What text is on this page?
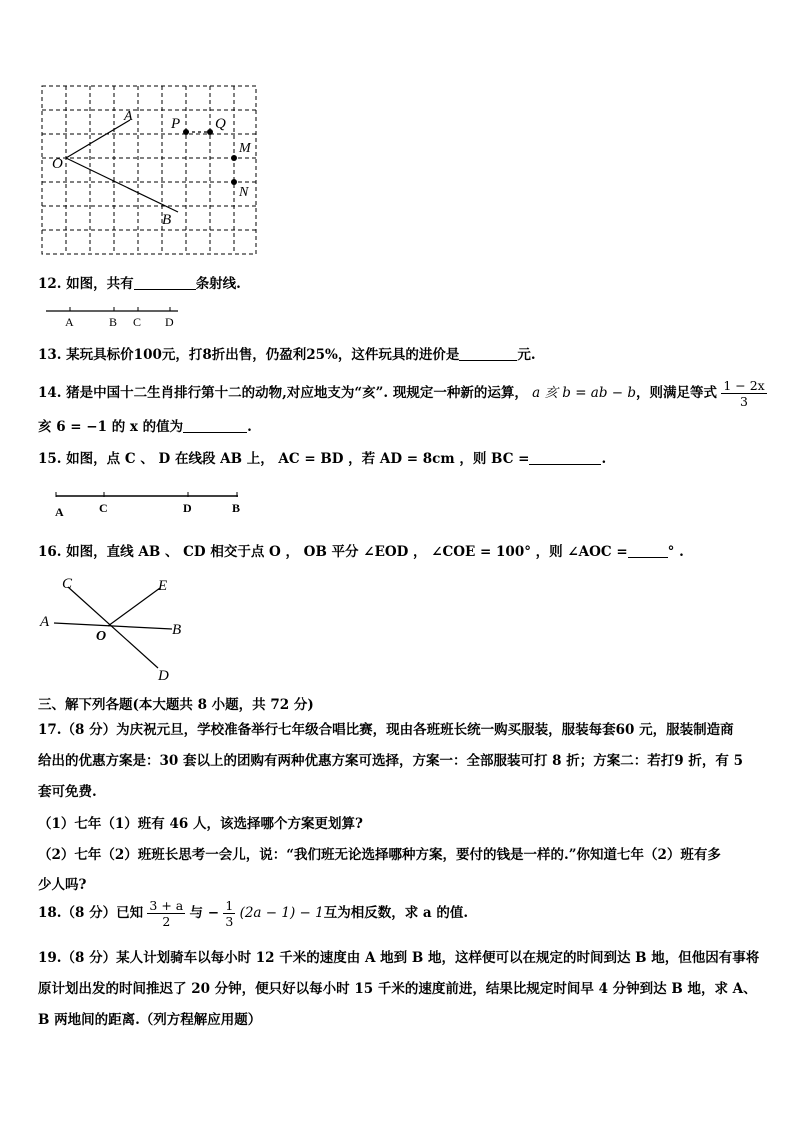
A
O
B
P Q
M
N
12. 如图，共有	条射线.
A	B C D
13. 某玩具标价100元，打8折出售，仍盈利25%，这件玩具的进价是	元.
14. 猪是中国十二生肖排行第十二的动物,对应地支为“亥”. 现规定一种新的运算， a 亥 b = ab − b，则满足等式 $\frac{1 - 2x}{3}$
亥 6 = −1 的 x 的值为	.
15. 如图，点 C 、 D 在线段 AB 上， AC = BD ，若 AD = 8cm ，则 BC =	.
A	C	D	B
16. 如图，直线 AB 、 CD 相交于点 O ， OB 平分 ∠EOD ， ∠COE = 100° ，则 ∠AOC =	° .
C	E
A
O	B
D
三、解下列各题(本大题共 8 小题，共 72 分)
17.（8 分）为庆祝元旦，学校准备举行七年级合唱比赛，现由各班班长统一购买服装，服装每套60 元，服装制造商
给出的优惠方案是：30 套以上的团购有两种优惠方案可选择，方案一：全部服装可打 8 折；方案二：若打9 折，有 5
套可免费.
（1）七年（1）班有 46 人，该选择哪个方案更划算?
（2）七年（2）班班长思考一会儿，说：“我们班无论选择哪种方案，要付的钱是一样的.”你知道七年（2）班有多
少人吗?
18.（8 分）已知 $\frac{3 + a}{2}$ 与 − $\frac{1}{3} (2a - 1) - 1$互为相反数，求 a 的值.
19.（8 分）某人计划骑车以每小时 12 千米的速度由 A 地到 B 地，这样便可以在规定的时间到达 B 地，但他因有事将
原计划出发的时间推迟了 20 分钟，便只好以每小时 15 千米的速度前进，结果比规定时间早 4 分钟到达 B 地，求 A、
B 两地间的距离.（列方程解应用题）
